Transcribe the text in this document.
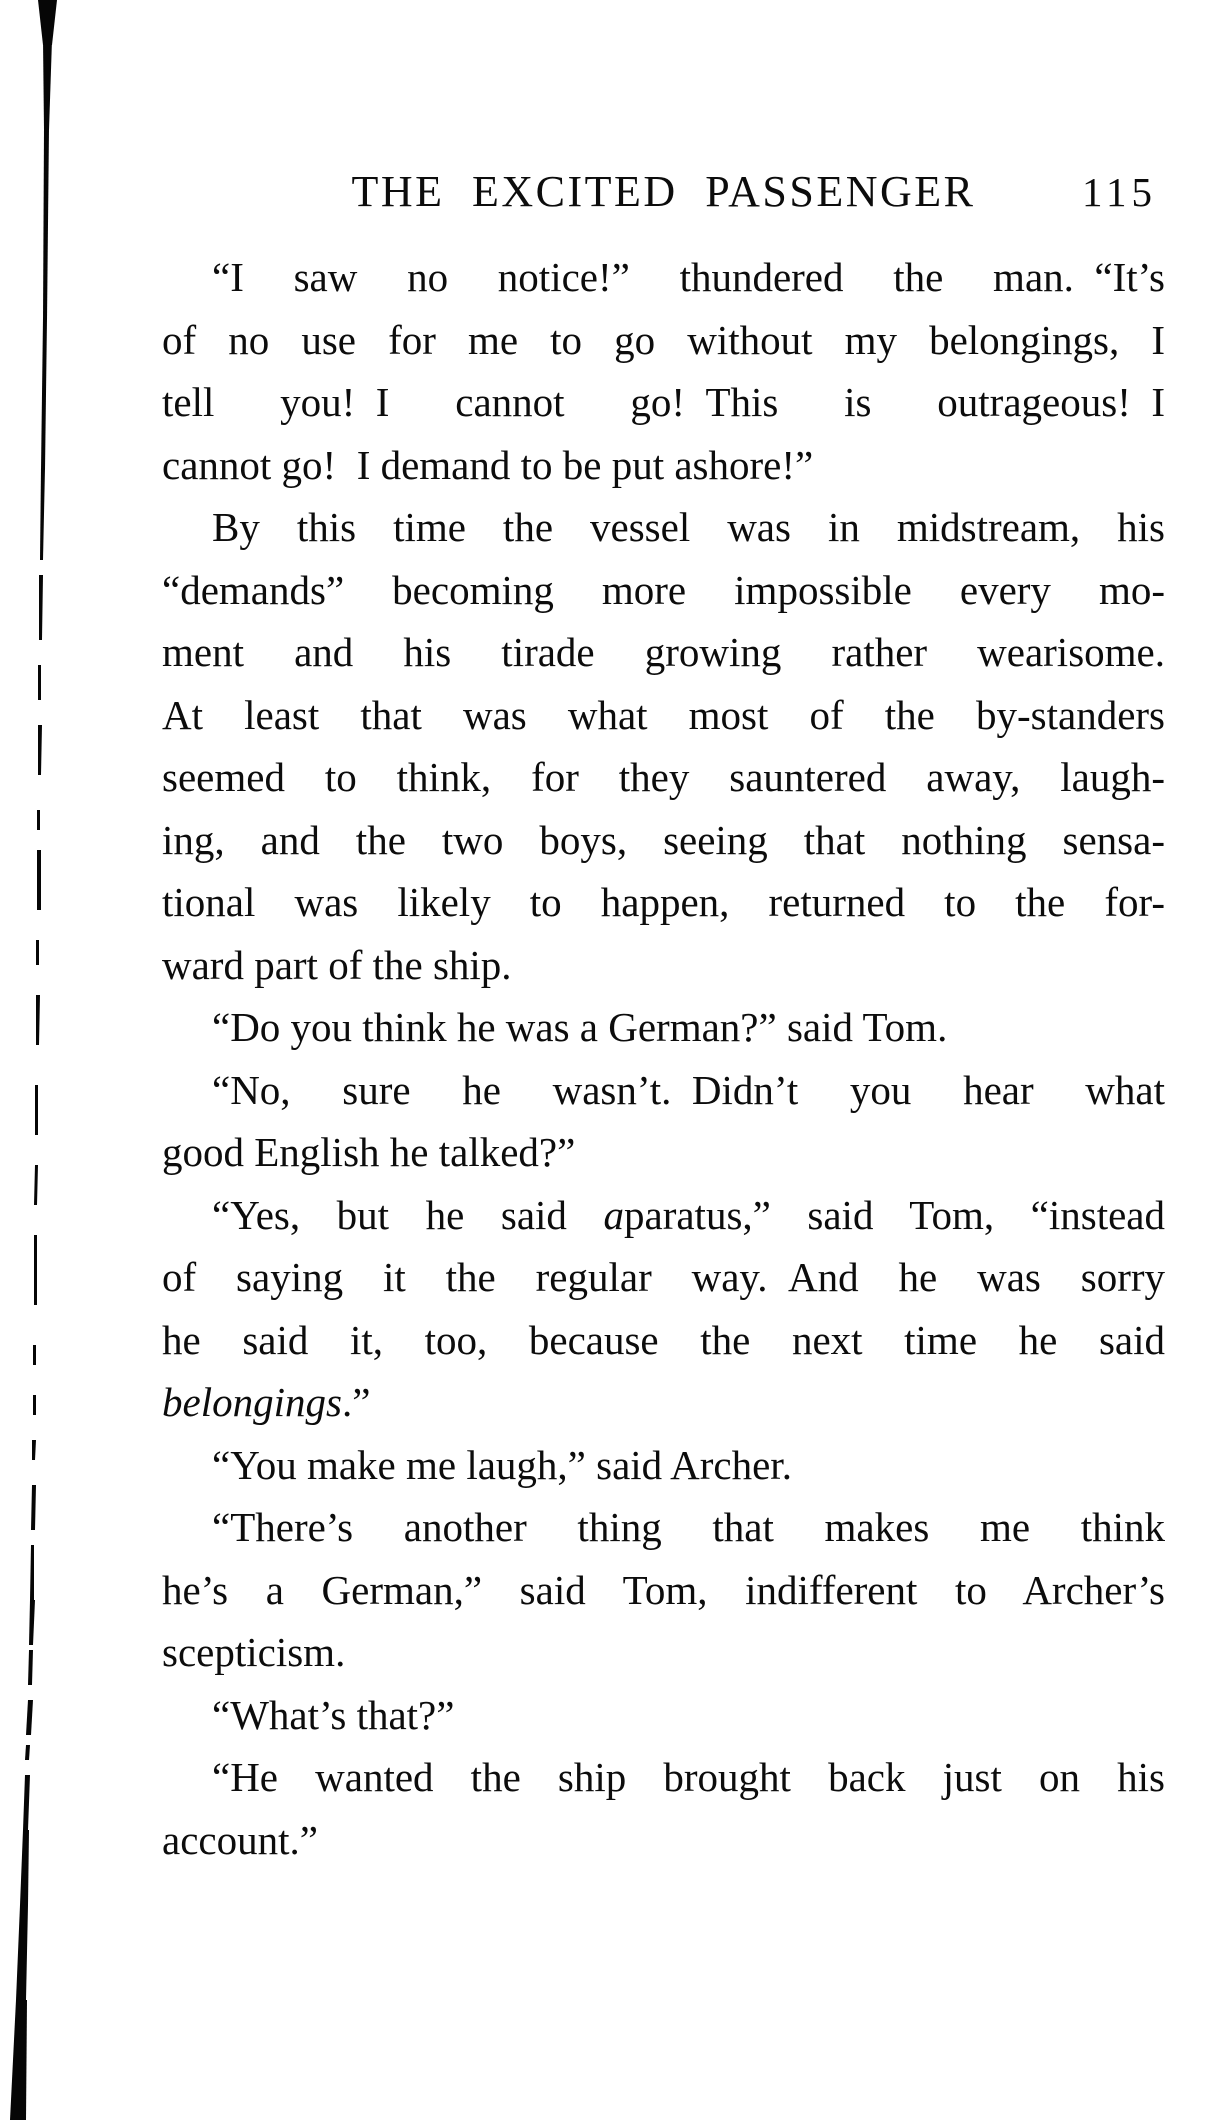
THE EXCITED PASSENGER	115
“I saw no notice!” thundered the man. “It’s
of no use for me to go without my belongings, I
tell you! I cannot go! This is outrageous! I
cannot go! I demand to be put ashore!”
By this time the vessel was in midstream, his
“demands” becoming more impossible every mo-
ment and his tirade growing rather wearisome.
At least that was what most of the by-standers
seemed to think, for they sauntered away, laugh-
ing, and the two boys, seeing that nothing sensa-
tional was likely to happen, returned to the for-
ward part of the ship.
“Do you think he was a German?” said Tom.
“No, sure he wasn’t. Didn’t you hear what
good English he talked?”
“Yes, but he said aparatus,” said Tom, “instead
of saying it the regular way. And he was sorry
he said it, too, because the next time he said
belongings.”
“You make me laugh,” said Archer.
“There’s another thing that makes me think
he’s a German,” said Tom, indifferent to Archer’s
scepticism.
“What’s that?”
“He wanted the ship brought back just on his
account.”
